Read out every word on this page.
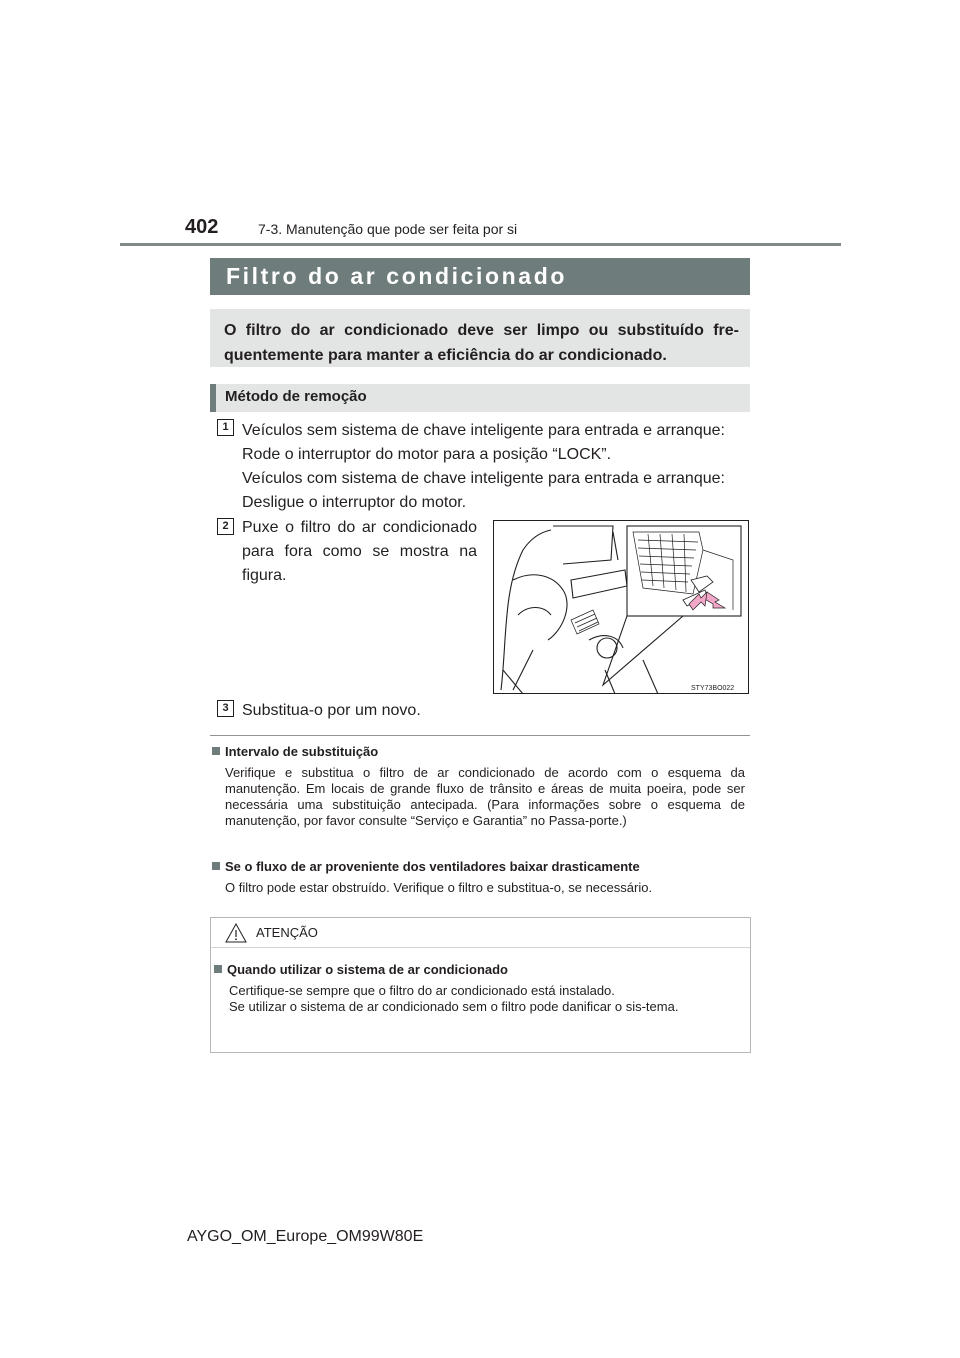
402	7-3. Manutenção que pode ser feita por si
Filtro do ar condicionado
O filtro do ar condicionado deve ser limpo ou substituído fre-quentemente para manter a eficiência do ar condicionado.
Método de remoção
1 Veículos sem sistema de chave inteligente para entrada e arranque: Rode o interruptor do motor para a posição “LOCK”.
Veículos com sistema de chave inteligente para entrada e arranque: Desligue o interruptor do motor.
2 Puxe o filtro do ar condicionado para fora como se mostra na figura.
STY73BO022
3 Substitua-o por um novo.
Intervalo de substituição
Verifique e substitua o filtro de ar condicionado de acordo com o esquema da manutenção. Em locais de grande fluxo de trânsito e áreas de muita poeira, pode ser necessária uma substituição antecipada. (Para informações sobre o esquema de manutenção, por favor consulte “Serviço e Garantia” no Passa-porte.)
Se o fluxo de ar proveniente dos ventiladores baixar drasticamente
O filtro pode estar obstruído. Verifique o filtro e substitua-o, se necessário.
ATENÇÃO
Quando utilizar o sistema de ar condicionado
Certifique-se sempre que o filtro do ar condicionado está instalado.
Se utilizar o sistema de ar condicionado sem o filtro pode danificar o sis-tema.
AYGO_OM_Europe_OM99W80E
